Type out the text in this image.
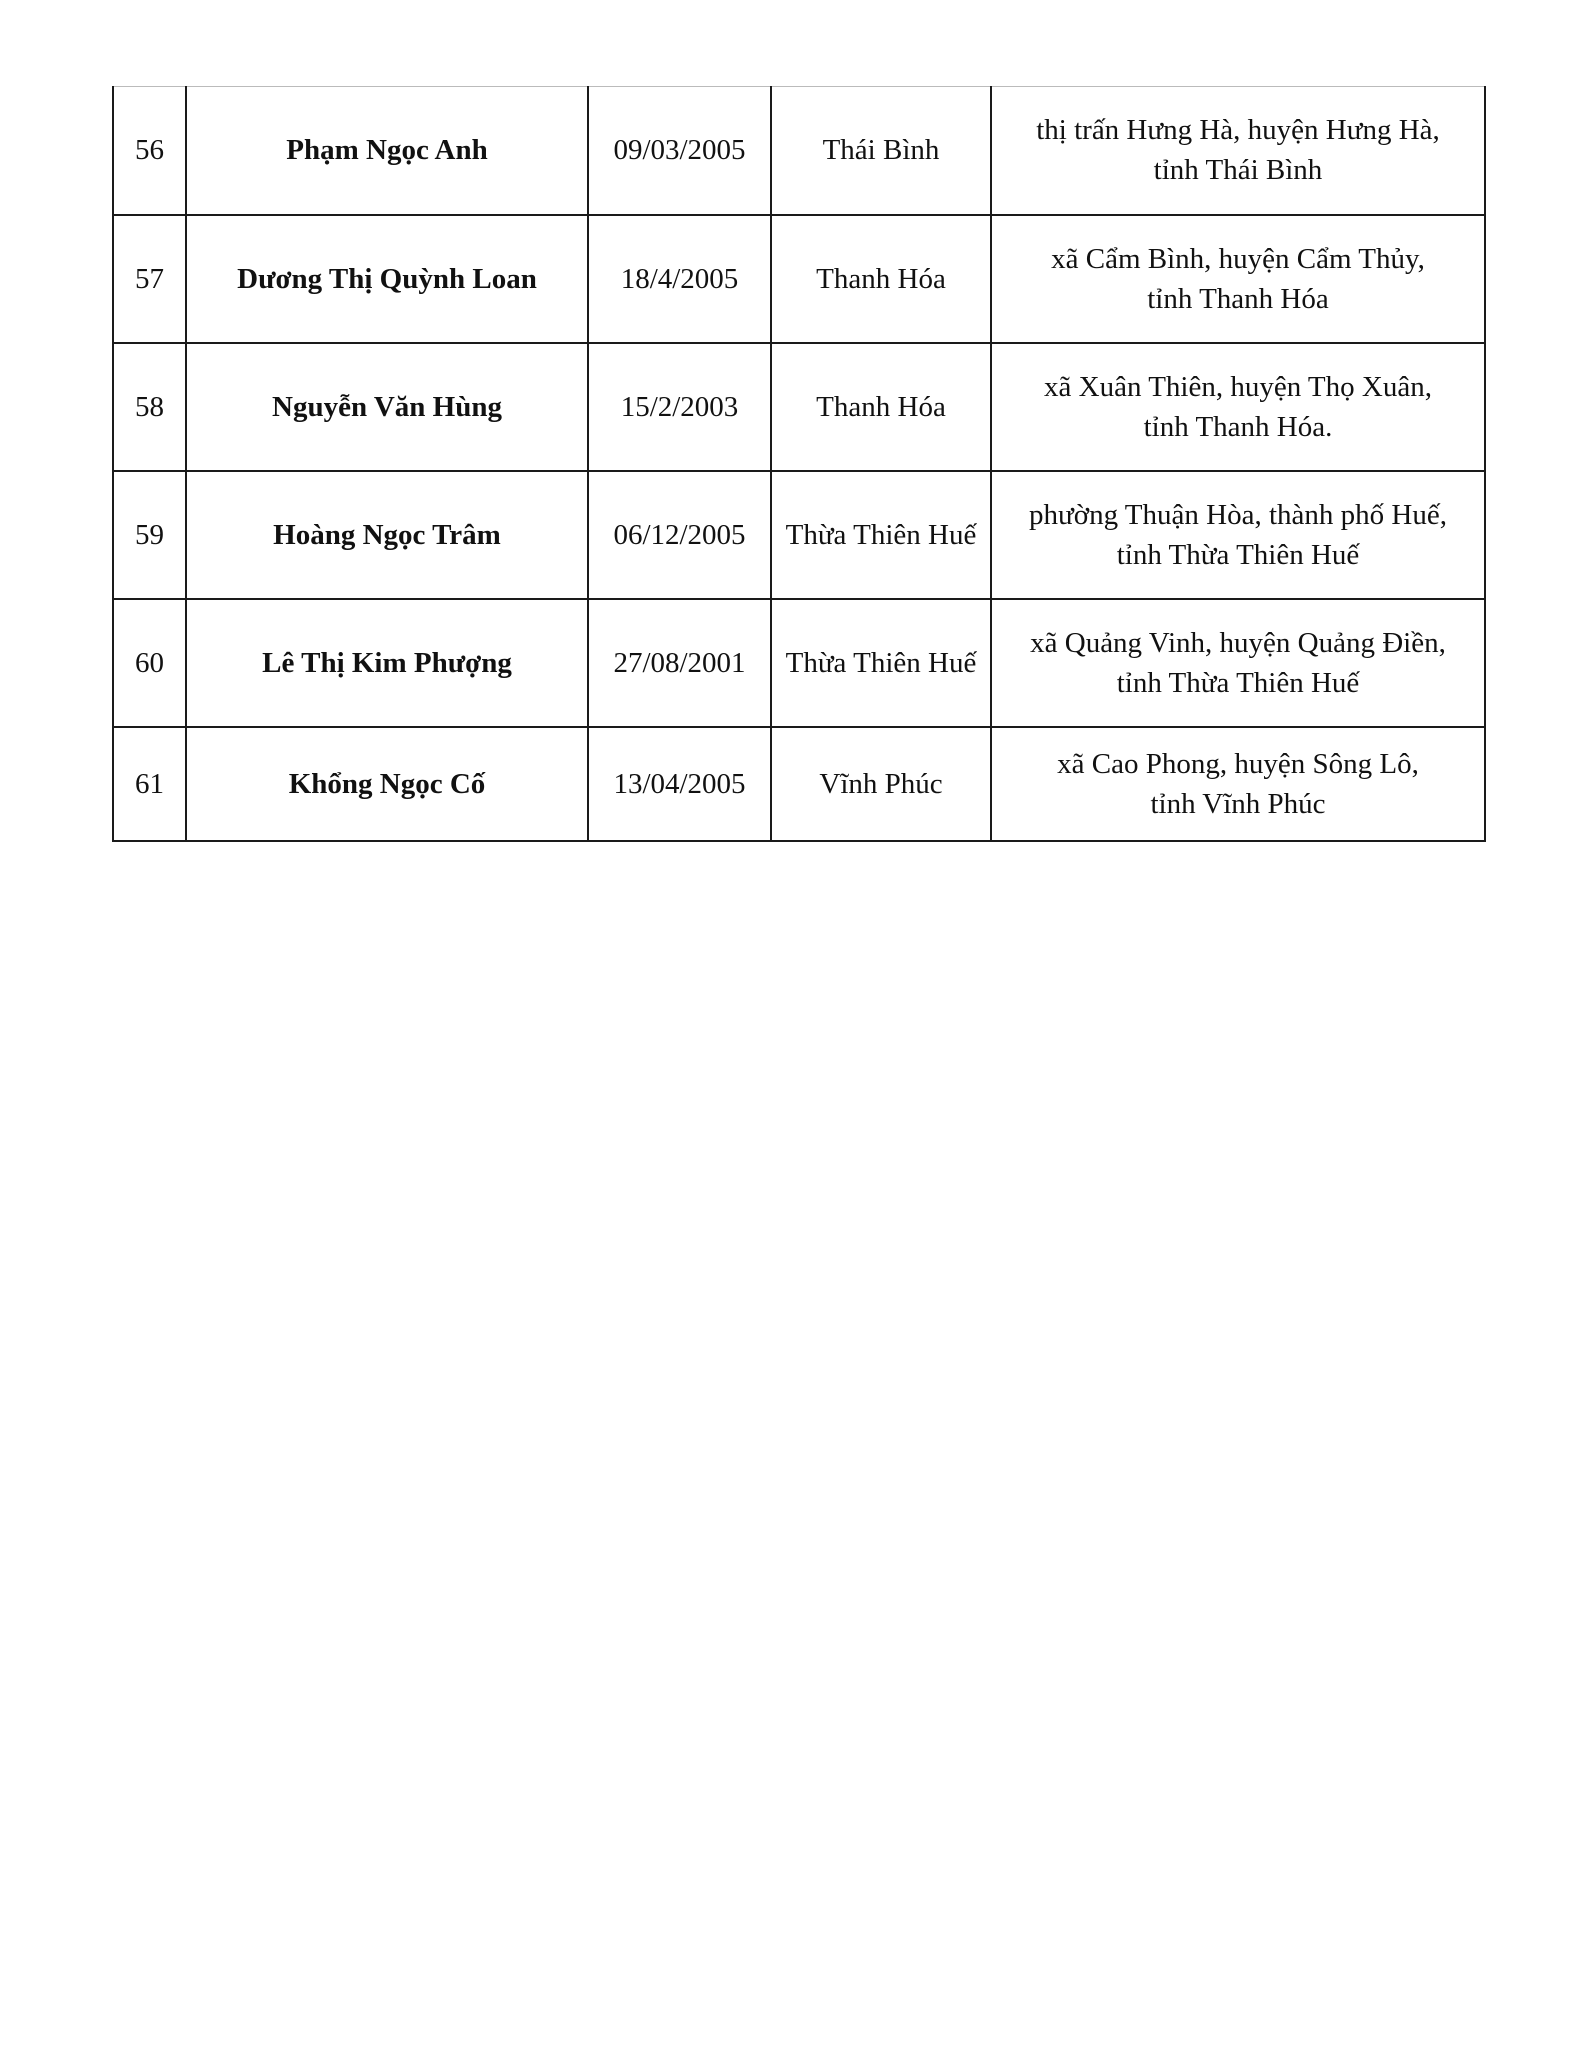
56	Phạm Ngọc Anh	09/03/2005	Thái Bình	thị trấn Hưng Hà, huyện Hưng Hà,
tỉnh Thái Bình

57	Dương Thị Quỳnh Loan	18/4/2005	Thanh Hóa	xã Cẩm Bình, huyện Cẩm Thủy,
tỉnh Thanh Hóa

58	Nguyễn Văn Hùng	15/2/2003	Thanh Hóa	xã Xuân Thiên, huyện Thọ Xuân,
tỉnh Thanh Hóa.

59	Hoàng Ngọc Trâm	06/12/2005	Thừa Thiên Huế	phường Thuận Hòa, thành phố Huế,
tỉnh Thừa Thiên Huế

60	Lê Thị Kim Phượng	27/08/2001	Thừa Thiên Huế	xã Quảng Vinh, huyện Quảng Điền,
tỉnh Thừa Thiên Huế

61	Khổng Ngọc Cố	13/04/2005	Vĩnh Phúc	xã Cao Phong, huyện Sông Lô,
tỉnh Vĩnh Phúc
